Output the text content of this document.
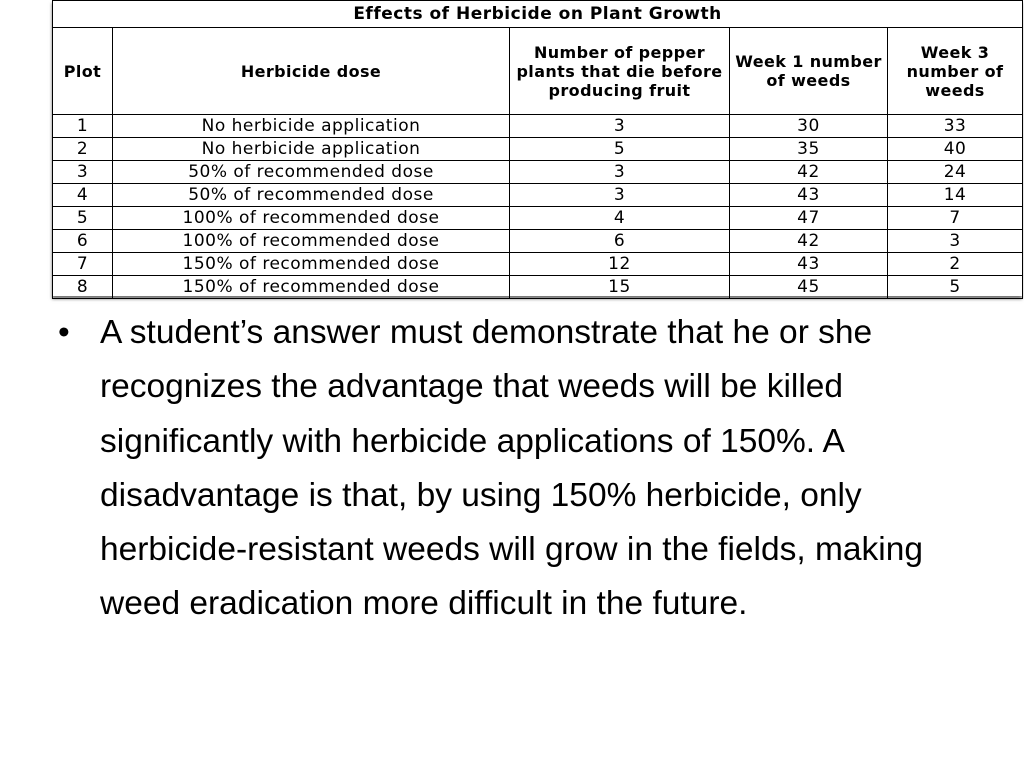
Effects of Herbicide on Plant Growth				
Plot	Herbicide dose	Number of pepper plants that die before producing fruit	Week 1 number of weeds	Week 3 number of weeds
1	No herbicide application	3	30	33
2	No herbicide application	5	35	40
3	50% of recommended dose	3	42	24
4	50% of recommended dose	3	43	14
5	100% of recommended dose	4	47	7
6	100% of recommended dose	6	42	3
7	150% of recommended dose	12	43	2
8	150% of recommended dose	15	45	5
• A student’s answer must demonstrate that he or she recognizes the advantage that weeds will be killed significantly with herbicide applications of 150%. A disadvantage is that, by using 150% herbicide, only herbicide-resistant weeds will grow in the fields, making weed eradication more difficult in the future.
